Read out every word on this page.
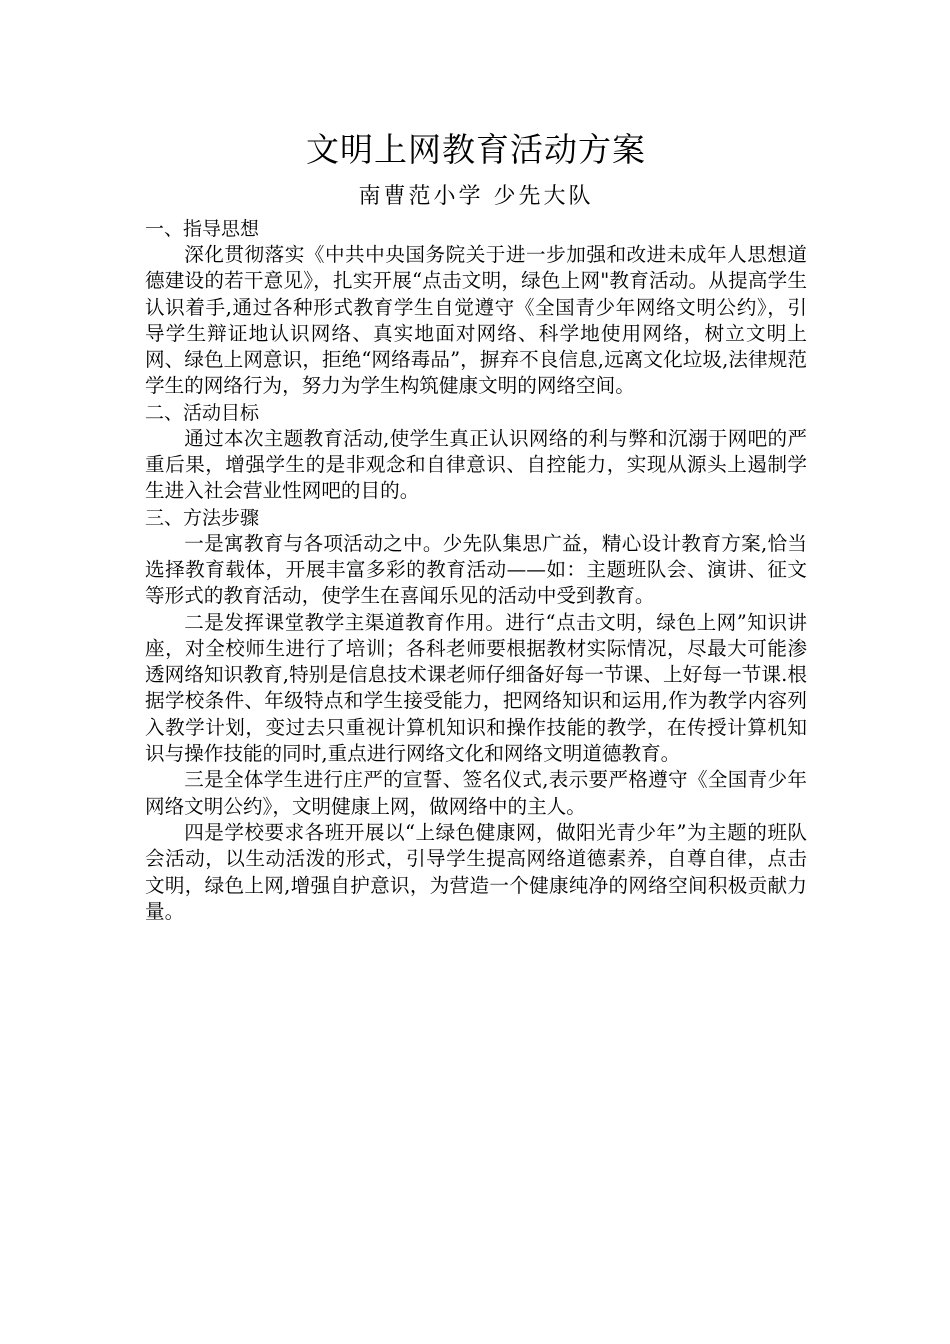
文明上网教育活动方案
南曹范小学 少先大队
一、指导思想

深化贯彻落实《中共中央国务院关于进一步加强和改进未成年人思想道德建设的若干意见》，扎实开展“点击文明，绿色上网"教育活动。从提高学生认识着手,通过各种形式教育学生自觉遵守《全国青少年网络文明公约》，引导学生辩证地认识网络、真实地面对网络、科学地使用网络，树立文明上网、绿色上网意识，拒绝“网络毒品”，摒弃不良信息,远离文化垃圾,法律规范学生的网络行为，努力为学生构筑健康文明的网络空间。

二、活动目标

通过本次主题教育活动,使学生真正认识网络的利与弊和沉溺于网吧的严重后果，增强学生的是非观念和自律意识、自控能力，实现从源头上遏制学生进入社会营业性网吧的目的。

三、方法步骤

一是寓教育与各项活动之中。少先队集思广益，精心设计教育方案,恰当选择教育载体，开展丰富多彩的教育活动——如：主题班队会、演讲、征文等形式的教育活动，使学生在喜闻乐见的活动中受到教育。

二是发挥课堂教学主渠道教育作用。进行“点击文明，绿色上网”知识讲座，对全校师生进行了培训；各科老师要根据教材实际情况，尽最大可能渗透网络知识教育,特别是信息技术课老师仔细备好每一节课、上好每一节课.根据学校条件、年级特点和学生接受能力，把网络知识和运用,作为教学内容列入教学计划，变过去只重视计算机知识和操作技能的教学，在传授计算机知识与操作技能的同时,重点进行网络文化和网络文明道德教育。

三是全体学生进行庄严的宣誓、签名仪式,表示要严格遵守《全国青少年网络文明公约》，文明健康上网，做网络中的主人。

四是学校要求各班开展以“上绿色健康网，做阳光青少年”为主题的班队会活动，以生动活泼的形式，引导学生提高网络道德素养，自尊自律，点击文明，绿色上网,增强自护意识，为营造一个健康纯净的网络空间积极贡献力量。
